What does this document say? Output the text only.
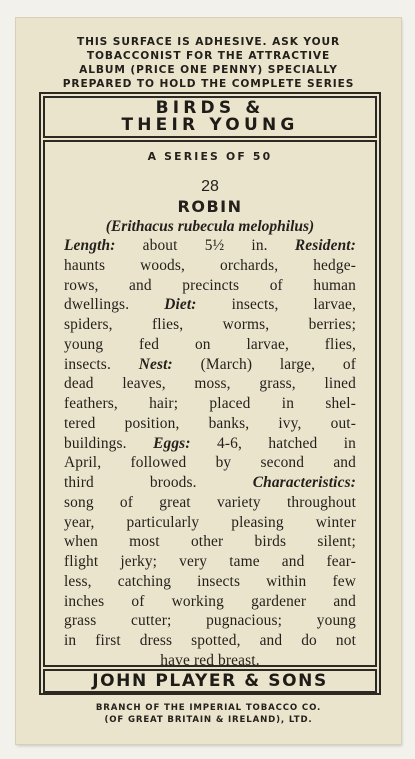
THIS SURFACE IS ADHESIVE. ASK YOUR
TOBACCONIST FOR THE ATTRACTIVE
ALBUM (PRICE ONE PENNY) SPECIALLY
PREPARED TO HOLD THE COMPLETE SERIES
BIRDS &
THEIR YOUNG
A SERIES OF 50
28
ROBIN
(Erithacus rubecula melophilus)
Length: about 5½ in. Resident:
haunts woods, orchards, hedge-
rows, and precincts of human
dwellings. Diet: insects, larvae,
spiders, flies, worms, berries;
young fed on larvae, flies,
insects. Nest: (March) large, of
dead leaves, moss, grass, lined
feathers, hair; placed in shel-
tered position, banks, ivy, out-
buildings. Eggs: 4-6, hatched in
April, followed by second and
third broods.	Characteristics:
song of great variety throughout
year, particularly pleasing winter
when most other birds silent;
flight jerky; very tame and fear-
less, catching insects within few
inches of working gardener and
grass cutter; pugnacious; young
in first dress spotted, and do not
have red breast.
JOHN PLAYER & SONS
BRANCH OF THE IMPERIAL TOBACCO CO.
(OF GREAT BRITAIN & IRELAND), LTD.
